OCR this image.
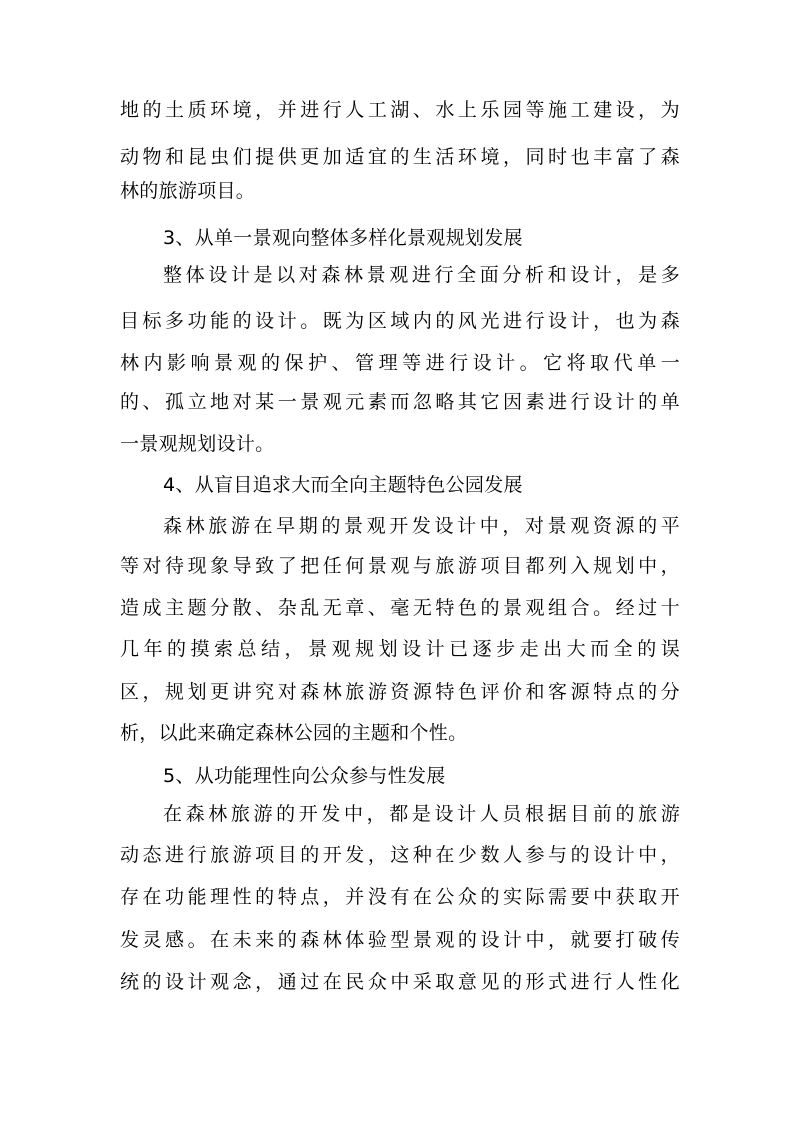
地的土质环境，并进行人工湖、水上乐园等施工建设，为
动物和昆虫们提供更加适宜的生活环境，同时也丰富了森
林的旅游项目。
3、从单一景观向整体多样化景观规划发展
整体设计是以对森林景观进行全面分析和设计，是多
目标多功能的设计。既为区域内的风光进行设计，也为森
林内影响景观的保护、管理等进行设计。它将取代单一
的、孤立地对某一景观元素而忽略其它因素进行设计的单
一景观规划设计。
4、从盲目追求大而全向主题特色公园发展
森林旅游在早期的景观开发设计中，对景观资源的平
等对待现象导致了把任何景观与旅游项目都列入规划中，
造成主题分散、杂乱无章、毫无特色的景观组合。经过十
几年的摸索总结，景观规划设计已逐步走出大而全的误
区，规划更讲究对森林旅游资源特色评价和客源特点的分
析，以此来确定森林公园的主题和个性。
5、从功能理性向公众参与性发展
在森林旅游的开发中，都是设计人员根据目前的旅游
动态进行旅游项目的开发，这种在少数人参与的设计中，
存在功能理性的特点，并没有在公众的实际需要中获取开
发灵感。在未来的森林体验型景观的设计中，就要打破传
统的设计观念，通过在民众中采取意见的形式进行人性化
